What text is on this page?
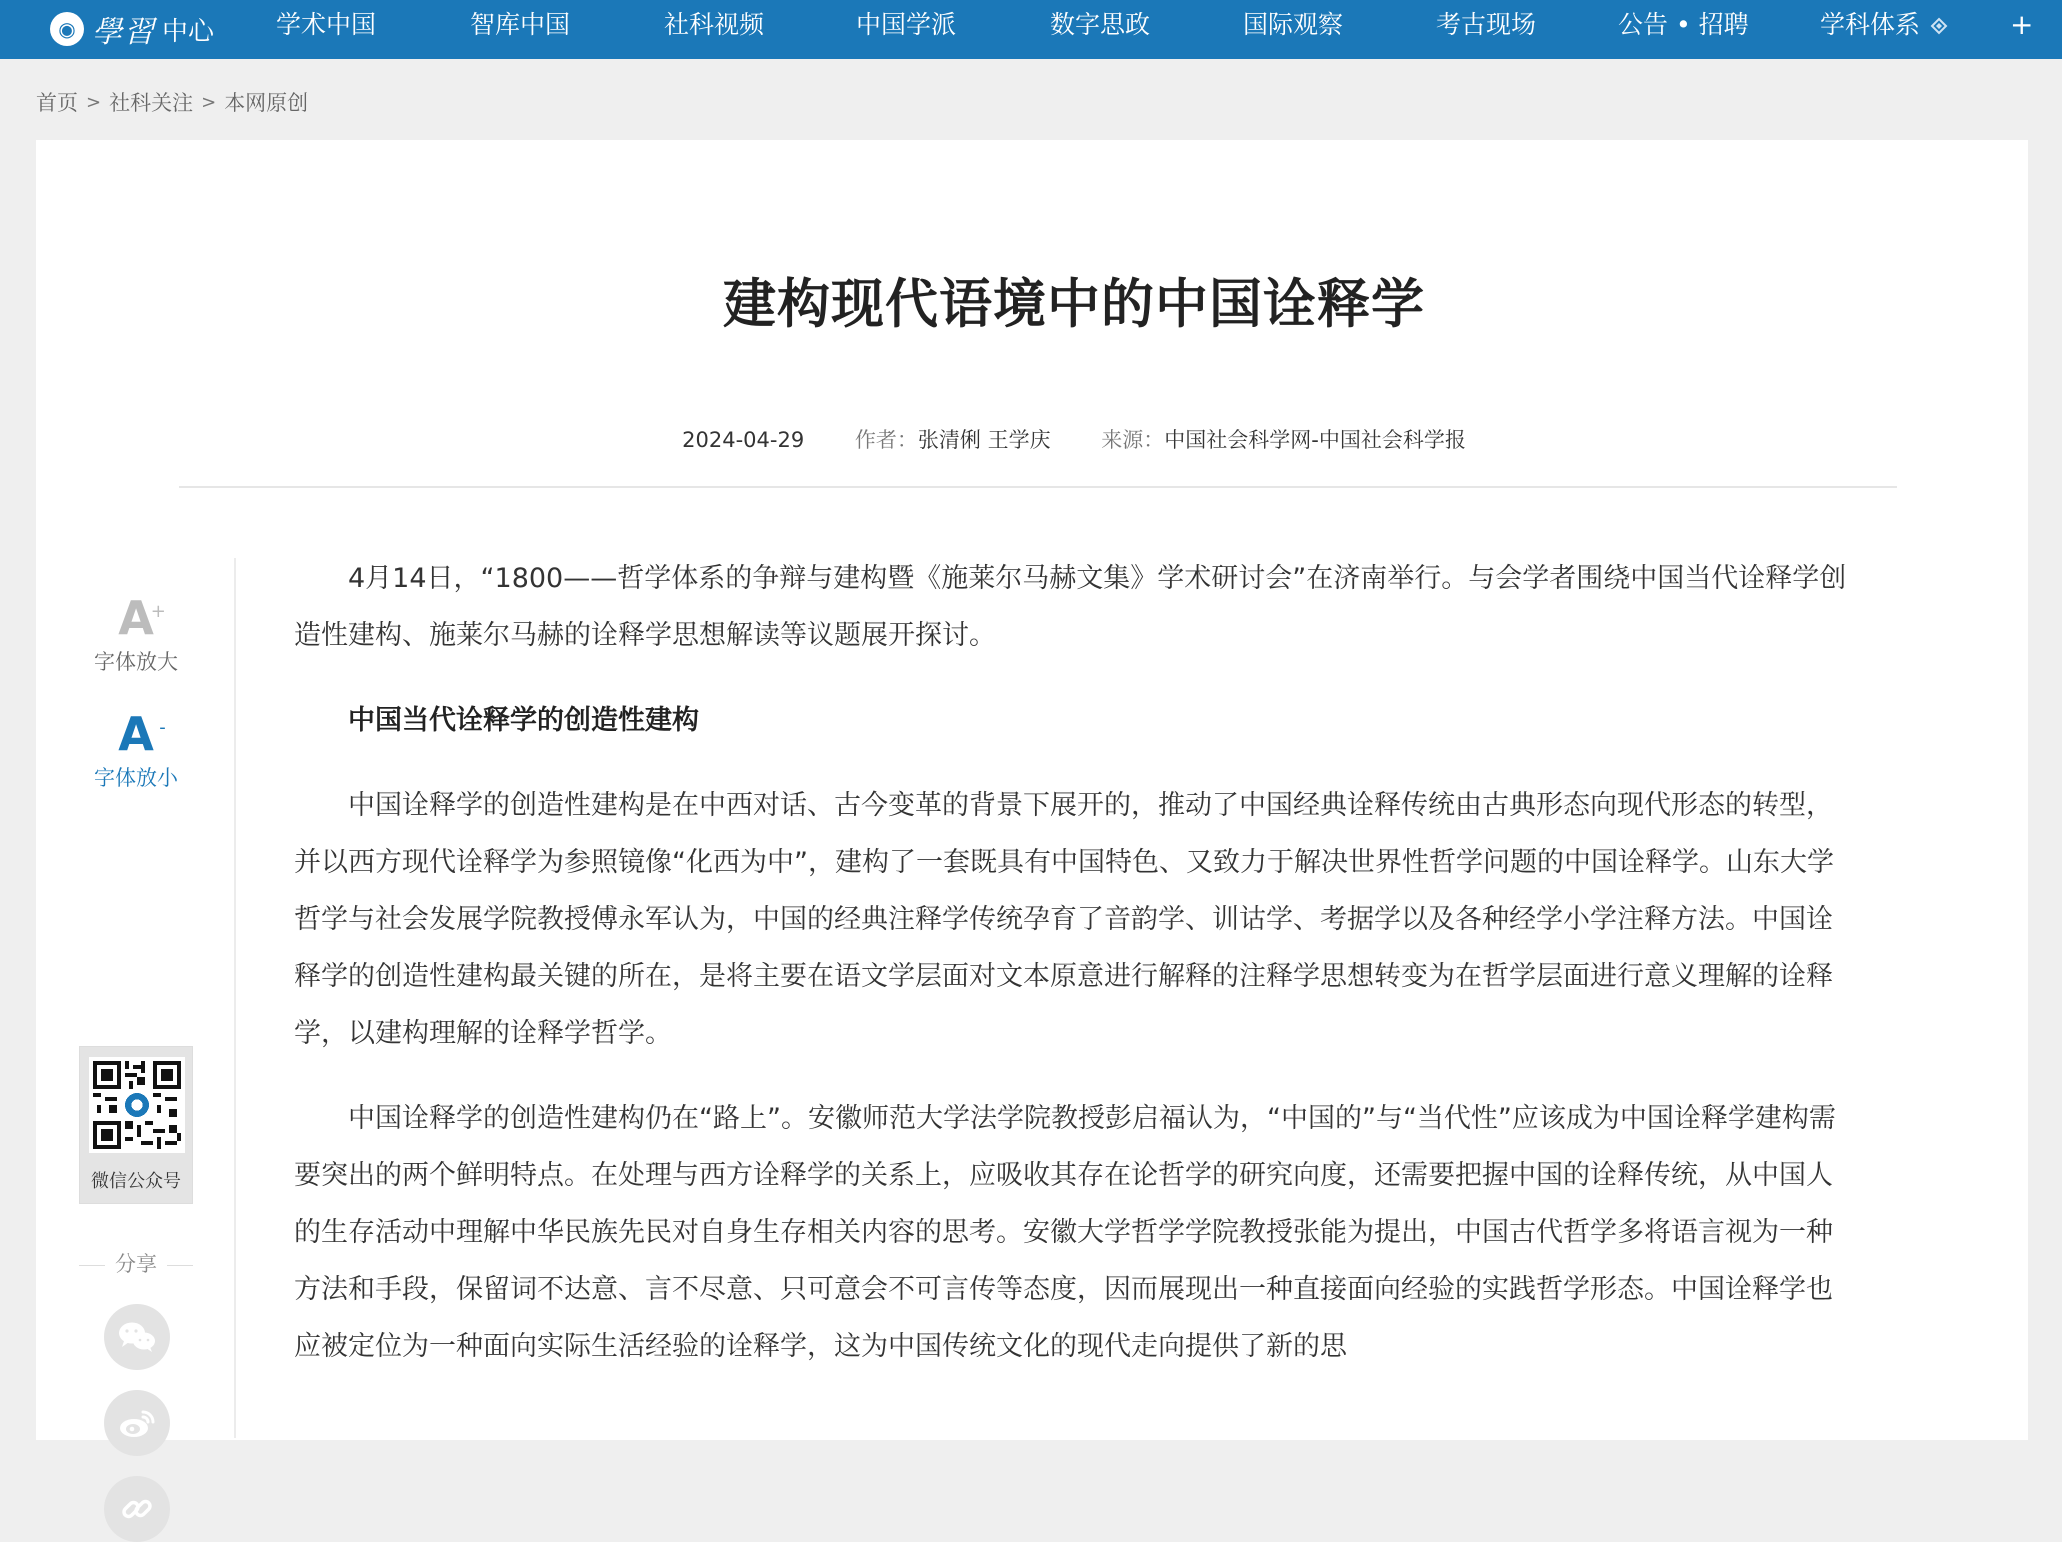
◉ 學習 中心 学术中国	智库中国	社科视频	中国学派	数字思政	国际观察	考古现场	公告 • 招聘	学科体系	+
首页 > 社科关注 > 本网原创
建构现代语境中的中国诠释学
2024-04-29 作者：张清俐 王学庆 来源：中国社会科学网-中国社会科学报
A
+
字体放大
A -
字体放小
微信公众号
分享

4月14日，“1800——哲学体系的争辩与建构暨《施莱尔马赫文集》学术研讨会”在济南举行。与会学者围绕中国当代诠释学创造性建构、施莱尔马赫的诠释学思想解读等议题展开探讨。

中国当代诠释学的创造性建构

中国诠释学的创造性建构是在中西对话、古今变革的背景下展开的，推动了中国经典诠释传统由古典形态向现代形态的转型，并以西方现代诠释学为参照镜像“化西为中”，建构了一套既具有中国特色、又致力于解决世界性哲学问题的中国诠释学。山东大学哲学与社会发展学院教授傅永军认为，中国的经典注释学传统孕育了音韵学、训诂学、考据学以及各种经学小学注释方法。中国诠释学的创造性建构最关键的所在，是将主要在语文学层面对文本原意进行解释的注释学思想转变为在哲学层面进行意义理解的诠释学，以建构理解的诠释学哲学。

中国诠释学的创造性建构仍在“路上”。安徽师范大学法学院教授彭启福认为，“中国的”与“当代性”应该成为中国诠释学建构需要突出的两个鲜明特点。在处理与西方诠释学的关系上，应吸收其存在论哲学的研究向度，还需要把握中国的诠释传统，从中国人的生存活动中理解中华民族先民对自身生存相关内容的思考。安徽大学哲学学院教授张能为提出，中国古代哲学多将语言视为一种方法和手段，保留词不达意、言不尽意、只可意会不可言传等态度，因而展现出一种直接面向经验的实践哲学形态。中国诠释学也应被定位为一种面向实际生活经验的诠释学，这为中国传统文化的现代走向提供了新的思
